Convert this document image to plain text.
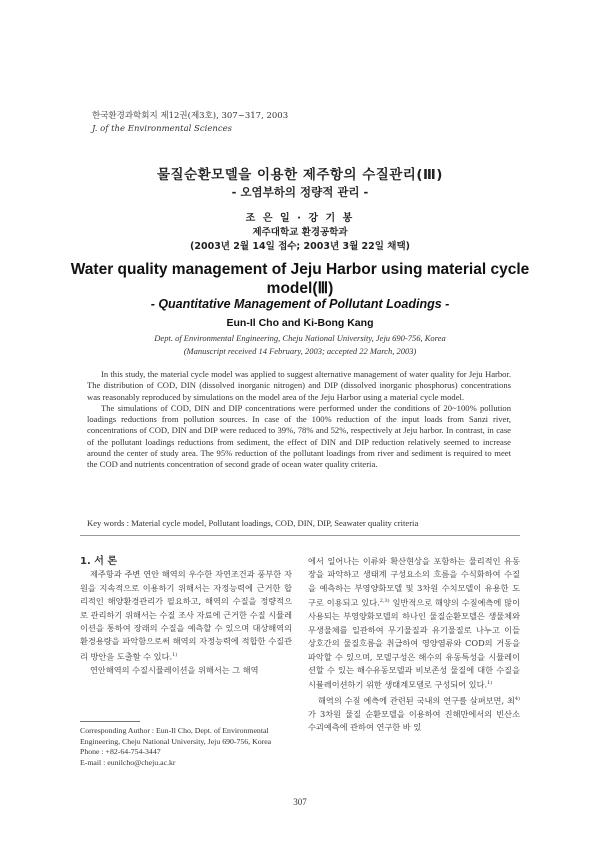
한국환경과학회지 제12권(제3호), 307~317, 2003
J. of the Environmental Sciences
물질순환모델을 이용한 제주항의 수질관리(Ⅲ)
- 오염부하의 정량적 관리 -
조 은 일 · 강 기 봉
제주대학교 환경공학과
(2003년 2월 14일 접수; 2003년 3월 22일 채택)
Water quality management of Jeju Harbor using material cycle model(Ⅲ)
- Quantitative Management of Pollutant Loadings -
Eun-Il Cho and Ki-Bong Kang
Dept. of Environmental Engineering, Cheju National University, Jeju 690-756, Korea
(Manuscript received 14 February, 2003; accepted 22 March, 2003)

In this study, the material cycle model was applied to suggest alternative management of water quality for Jeju Harbor. The distribution of COD, DIN (dissolved inorganic nitrogen) and DIP (dissolved inorganic phosphorus) concentrations was reasonably reproduced by simulations on the model area of the Jeju Harbor using a material cycle model.

The simulations of COD, DIN and DIP concentrations were performed under the conditions of 20~100% pollution loadings reductions from pollution sources. In case of the 100% reduction of the input loads from Sanzi river, concentrations of COD, DIN and DIP were reduced to 39%, 78% and 52%, respectively at Jeju harbor. In contrast, in case of the pollutant loadings reductions from sediment, the effect of DIN and DIP reduction relatively seemed to increase around the center of study area. The 95% reduction of the pollutant loadings from river and sediment is required to meet the COD and nutrients concentration of second grade of ocean water quality criteria.

Key words : Material cycle model, Pollutant loadings, COD, DIN, DIP, Seawater quality criteria

1. 서 론

제주항과 주변 연안 해역의 우수한 자연조건과 풍부한 자원을 지속적으로 이용하기 위해서는 자정능력에 근거한 합리적인 해양환경관리가 필요하고, 해역의 수질을 정량적으로 관리하기 위해서는 수질 조사 자료에 근거한 수질 시뮬레이션을 통하여 장래의 수질을 예측할 수 있으며 대상해역의 환경용량을 파악함으로써 해역의 자정능력에 적합한 수질관리 방안을 도출할 수 있다.$^{1)}$

연안해역의 수질시뮬레이션을 위해서는 그 해역

에서 일어나는 이류와 확산현상을 포함하는 물리적인 유동장을 파악하고 생태계 구성요소의 흐름을 수식화하여 수질을 예측하는 부영양화모델 및 3차원 수치모델이 유용한 도구로 이용되고 있다.$^{2,3)}$ 일반적으로 해양의 수질예측에 많이 사용되는 부영양화모델의 하나인 물질순환모델은 생물체와 무생물체를 일관하여 무기물질과 유기물질로 나누고 이들 상호간의 물질흐름을 취급하여 영양염류와 COD의 거동을 파악할 수 있으며, 모델구성은 해수의 유동특성을 시뮬레이션할 수 있는 해수유동모델과 비보존성 물질에 대한 수질을 시뮬레이션하기 위한 생태계모델로 구성되어 있다.$^{1)}$

해역의 수질 예측에 관련된 국내의 연구를 살펴보면, 최$^{4)}$가 3차원 물질 순환모델을 이용하여 진해만에서의 빈산소 수괴예측에 관하여 연구한 바 있

Corresponding Author : Eun-Il Cho, Dept. of Environmental Engineering, Cheju National University, Jeju 690-756, Korea
Phone : +82-64-754-3447
E-mail : eunilcho@cheju.ac.kr
307
